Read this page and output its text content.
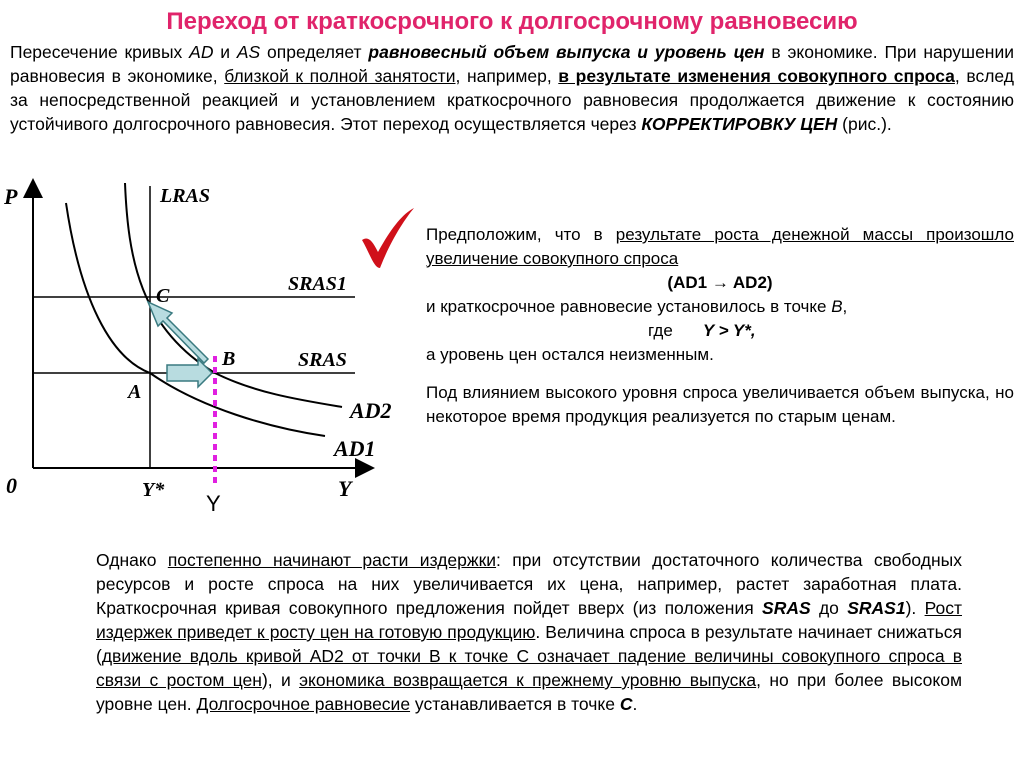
Переход от краткосрочного к долгосрочному равновесию
Пересечение кривых AD и AS определяет равновесный объем выпуска и уровень цен в экономике. При нарушении равновесия в экономике, близкой к полной занятости, например, в результате изменения совокупного спроса, вслед за непосредственной реакцией и установлением краткосрочного равновесия продолжается движение к состоянию устойчивого долгосрочного равновесия. Этот переход осуществляется через КОРРЕКТИРОВКУ ЦЕН (рис.).
P
0	Y
Y*
Y
LRAS
SRAS1
SRAS
AD2
AD1
A
B
C

Предположим, что в результате роста денежной массы произошло увеличение совокупного спроса

(AD1 → AD2)

и краткосрочное равновесие установилось в точке B,

где Y > Y*,

а уровень цен остался неизменным.

Под влиянием высокого уровня спроса увеличивается объем выпуска, но некоторое время продукция реализуется по старым ценам.

Однако постепенно начинают расти издержки: при отсутствии достаточного количества свободных ресурсов и росте спроса на них увеличивается их цена, например, растет заработная плата. Краткосрочная кривая совокупного предложения пойдет вверх (из положения SRAS до SRAS1). Рост издержек приведет к росту цен на готовую продукцию. Величина спроса в результате начинает снижаться (движение вдоль кривой AD2 от точки B к точке C означает падение величины совокупного спроса в связи с ростом цен), и экономика возвращается к прежнему уровню выпуска, но при более высоком уровне цен. Долгосрочное равновесие устанавливается в точке C.
